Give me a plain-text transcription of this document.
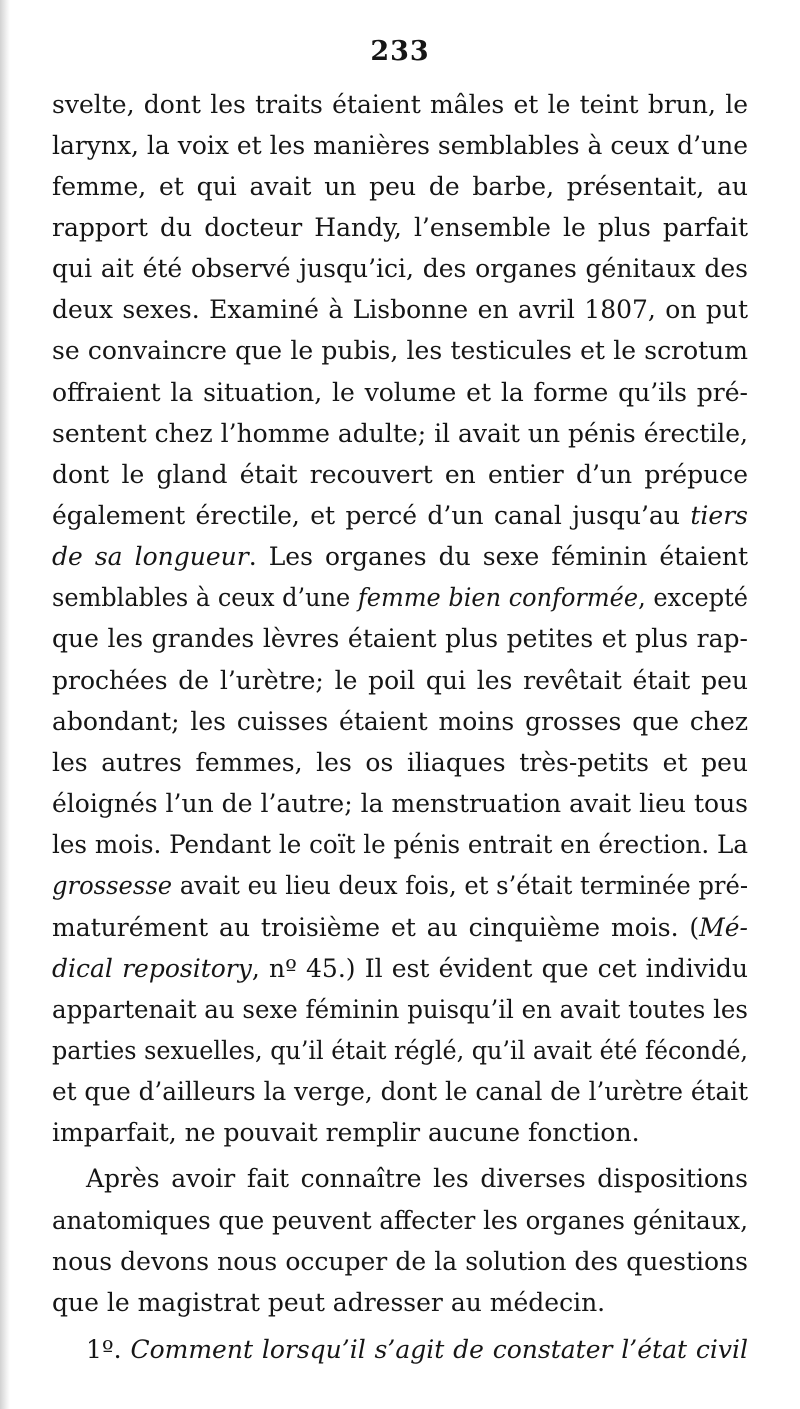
233
svelte, dont les traits étaient mâles et le teint brun, le
larynx, la voix et les manières semblables à ceux d’une
femme, et qui avait un peu de barbe, présentait, au
rapport du docteur Handy, l’ensemble le plus parfait
qui ait été observé jusqu’ici, des organes génitaux des
deux sexes. Examiné à Lisbonne en avril 1807, on put
se convaincre que le pubis, les testicules et le scrotum
offraient la situation, le volume et la forme qu’ils pré-
sentent chez l’homme adulte; il avait un pénis érectile,
dont le gland était recouvert en entier d’un prépuce
également érectile, et percé d’un canal jusqu’au tiers
de sa longueur. Les organes du sexe féminin étaient
semblables à ceux d’une femme bien conformée, excepté
que les grandes lèvres étaient plus petites et plus rap-
prochées de l’urètre; le poil qui les revêtait était peu
abondant; les cuisses étaient moins grosses que chez
les autres femmes, les os iliaques très-petits et peu
éloignés l’un de l’autre; la menstruation avait lieu tous
les mois. Pendant le coït le pénis entrait en érection. La
grossesse avait eu lieu deux fois, et s’était terminée pré-
maturément au troisième et au cinquième mois. (Mé-
dical repository, nº 45.) Il est évident que cet individu
appartenait au sexe féminin puisqu’il en avait toutes les
parties sexuelles, qu’il était réglé, qu’il avait été fécondé,
et que d’ailleurs la verge, dont le canal de l’urètre était
imparfait, ne pouvait remplir aucune fonction.
Après avoir fait connaître les diverses dispositions
anatomiques que peuvent affecter les organes génitaux,
nous devons nous occuper de la solution des questions
que le magistrat peut adresser au médecin.
1º. Comment lorsqu’il s’agit de constater l’état civil
